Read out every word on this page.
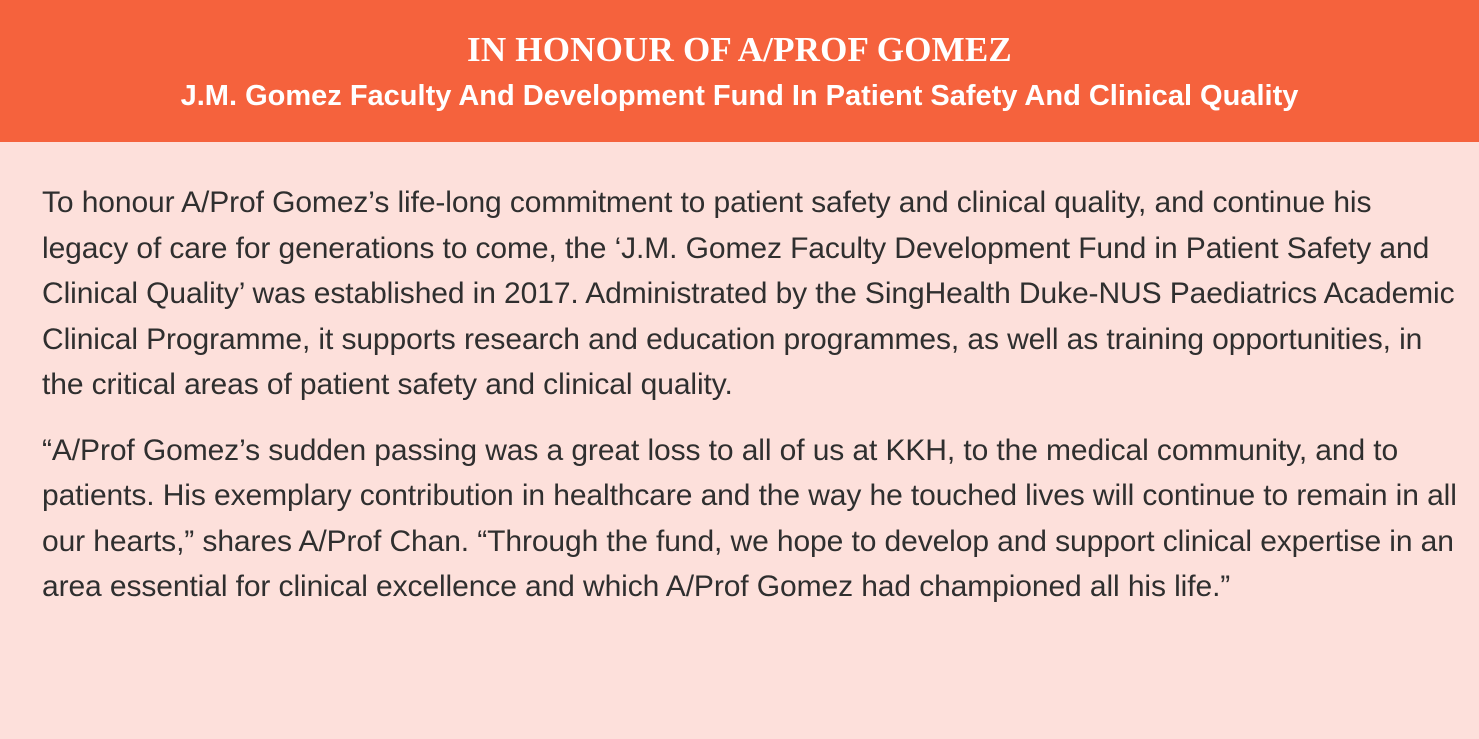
IN HONOUR OF A/PROF GOMEZ
J.M. Gomez Faculty And Development Fund In Patient Safety And Clinical Quality

To honour A/Prof Gomez’s life-long commitment to patient safety and clinical quality, and continue his legacy of care for generations to come, the ‘J.M. Gomez Faculty Development Fund in Patient Safety and Clinical Quality’ was established in 2017. Administrated by the SingHealth Duke-NUS Paediatrics Academic Clinical Programme, it supports research and education programmes, as well as training opportunities, in the critical areas of patient safety and clinical quality.

“A/Prof Gomez’s sudden passing was a great loss to all of us at KKH, to the medical community, and to patients. His exemplary contribution in healthcare and the way he touched lives will continue to remain in all our hearts,” shares A/Prof Chan. “Through the fund, we hope to develop and support clinical expertise in an area essential for clinical excellence and which A/Prof Gomez had championed all his life.”
